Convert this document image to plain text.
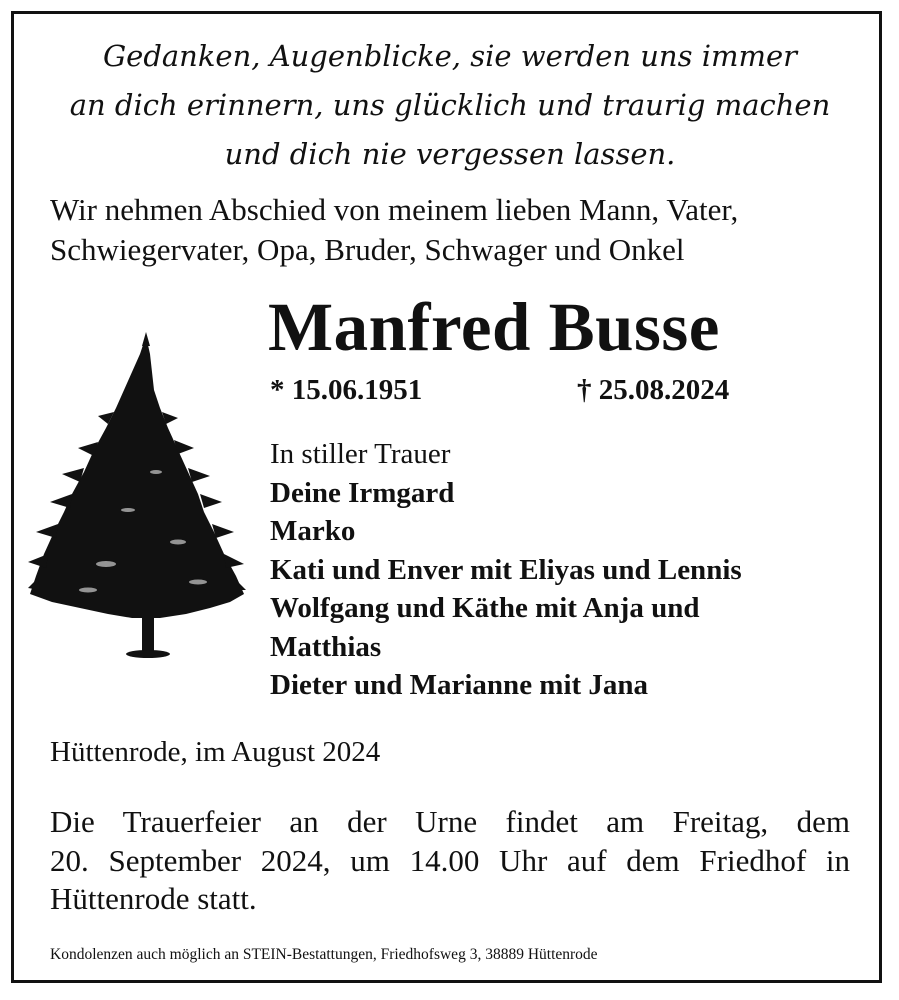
Gedanken, Augenblicke, sie werden uns immer
an dich erinnern, uns glücklich und traurig machen
und dich nie vergessen lassen.
Wir nehmen Abschied von meinem lieben Mann, Vater,
Schwiegervater, Opa, Bruder, Schwager und Onkel
Manfred Busse
* 15.06.1951	† 25.08.2024
In stiller Trauer
Deine Irmgard
Marko
Kati und Enver mit Eliyas und Lennis
Wolfgang und Käthe mit Anja und
Matthias
Dieter und Marianne mit Jana
Hüttenrode, im August 2024
Die Trauerfeier an der Urne findet am Freitag, dem
20. September 2024, um 14.00 Uhr auf dem Friedhof in
Hüttenrode statt.
Kondolenzen auch möglich an STEIN-Bestattungen, Friedhofsweg 3, 38889 Hüttenrode
